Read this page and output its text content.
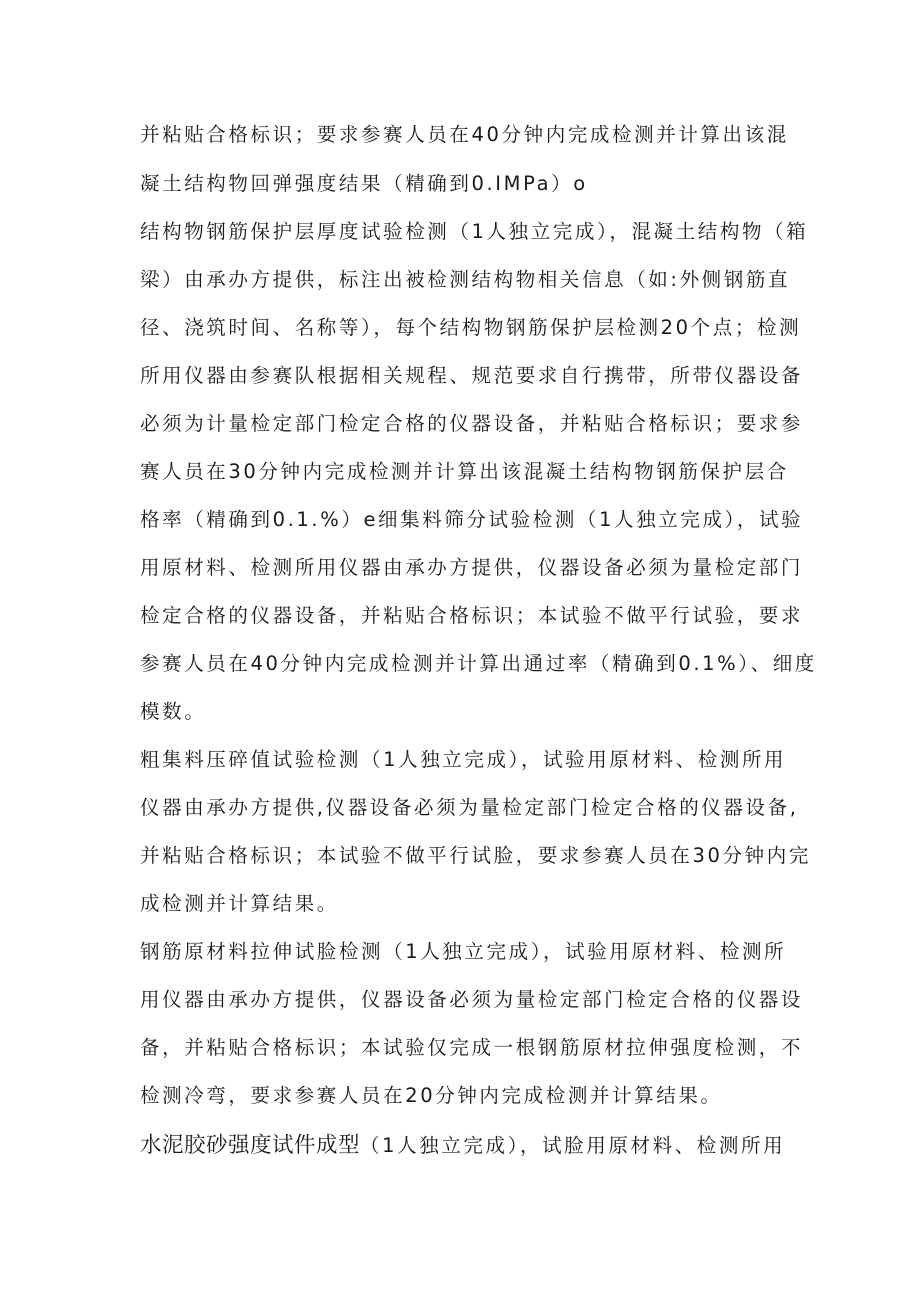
并粘贴合格标识；要求参赛人员在40分钟内完成检测并计算出该混
凝土结构物回弹强度结果（精确到0.IMPa）o
结构物钢筋保护层厚度试验检测（1人独立完成），混凝土结构物（箱
梁）由承办方提供，标注出被检测结构物相关信息（如:外侧钢筋直
径、浇筑时间、名称等），每个结构物钢筋保护层检测20个点；检测
所用仪器由参赛队根据相关规程、规范要求自行携带，所带仪器设备
必须为计量检定部门检定合格的仪器设备，并粘贴合格标识；要求参
赛人员在30分钟内完成检测并计算出该混凝土结构物钢筋保护层合
格率（精确到0.1.%）e细集料筛分试验检测（1人独立完成），试验
用原材料、检测所用仪器由承办方提供，仪器设备必须为量检定部门
检定合格的仪器设备，并粘贴合格标识；本试验不做平行试验，要求
参赛人员在40分钟内完成检测并计算出通过率（精确到0.1%）、细度
模数。
粗集料压碎值试验检测（1人独立完成），试验用原材料、检测所用
仪器由承办方提供,仪器设备必须为量检定部门检定合格的仪器设备,
并粘贴合格标识；本试验不做平行试脸，要求参赛人员在30分钟内完
成检测并计算结果。
钢筋原材料拉伸试脸检测（1人独立完成），试验用原材料、检测所
用仪器由承办方提供，仪器设备必须为量检定部门检定合格的仪器设
备，并粘贴合格标识；本试验仅完成一根钢筋原材拉伸强度检测，不
检测冷弯，要求参赛人员在20分钟内完成检测并计算结果。
水泥胶砂强度试件成型（1人独立完成），试脸用原材料、检测所用
